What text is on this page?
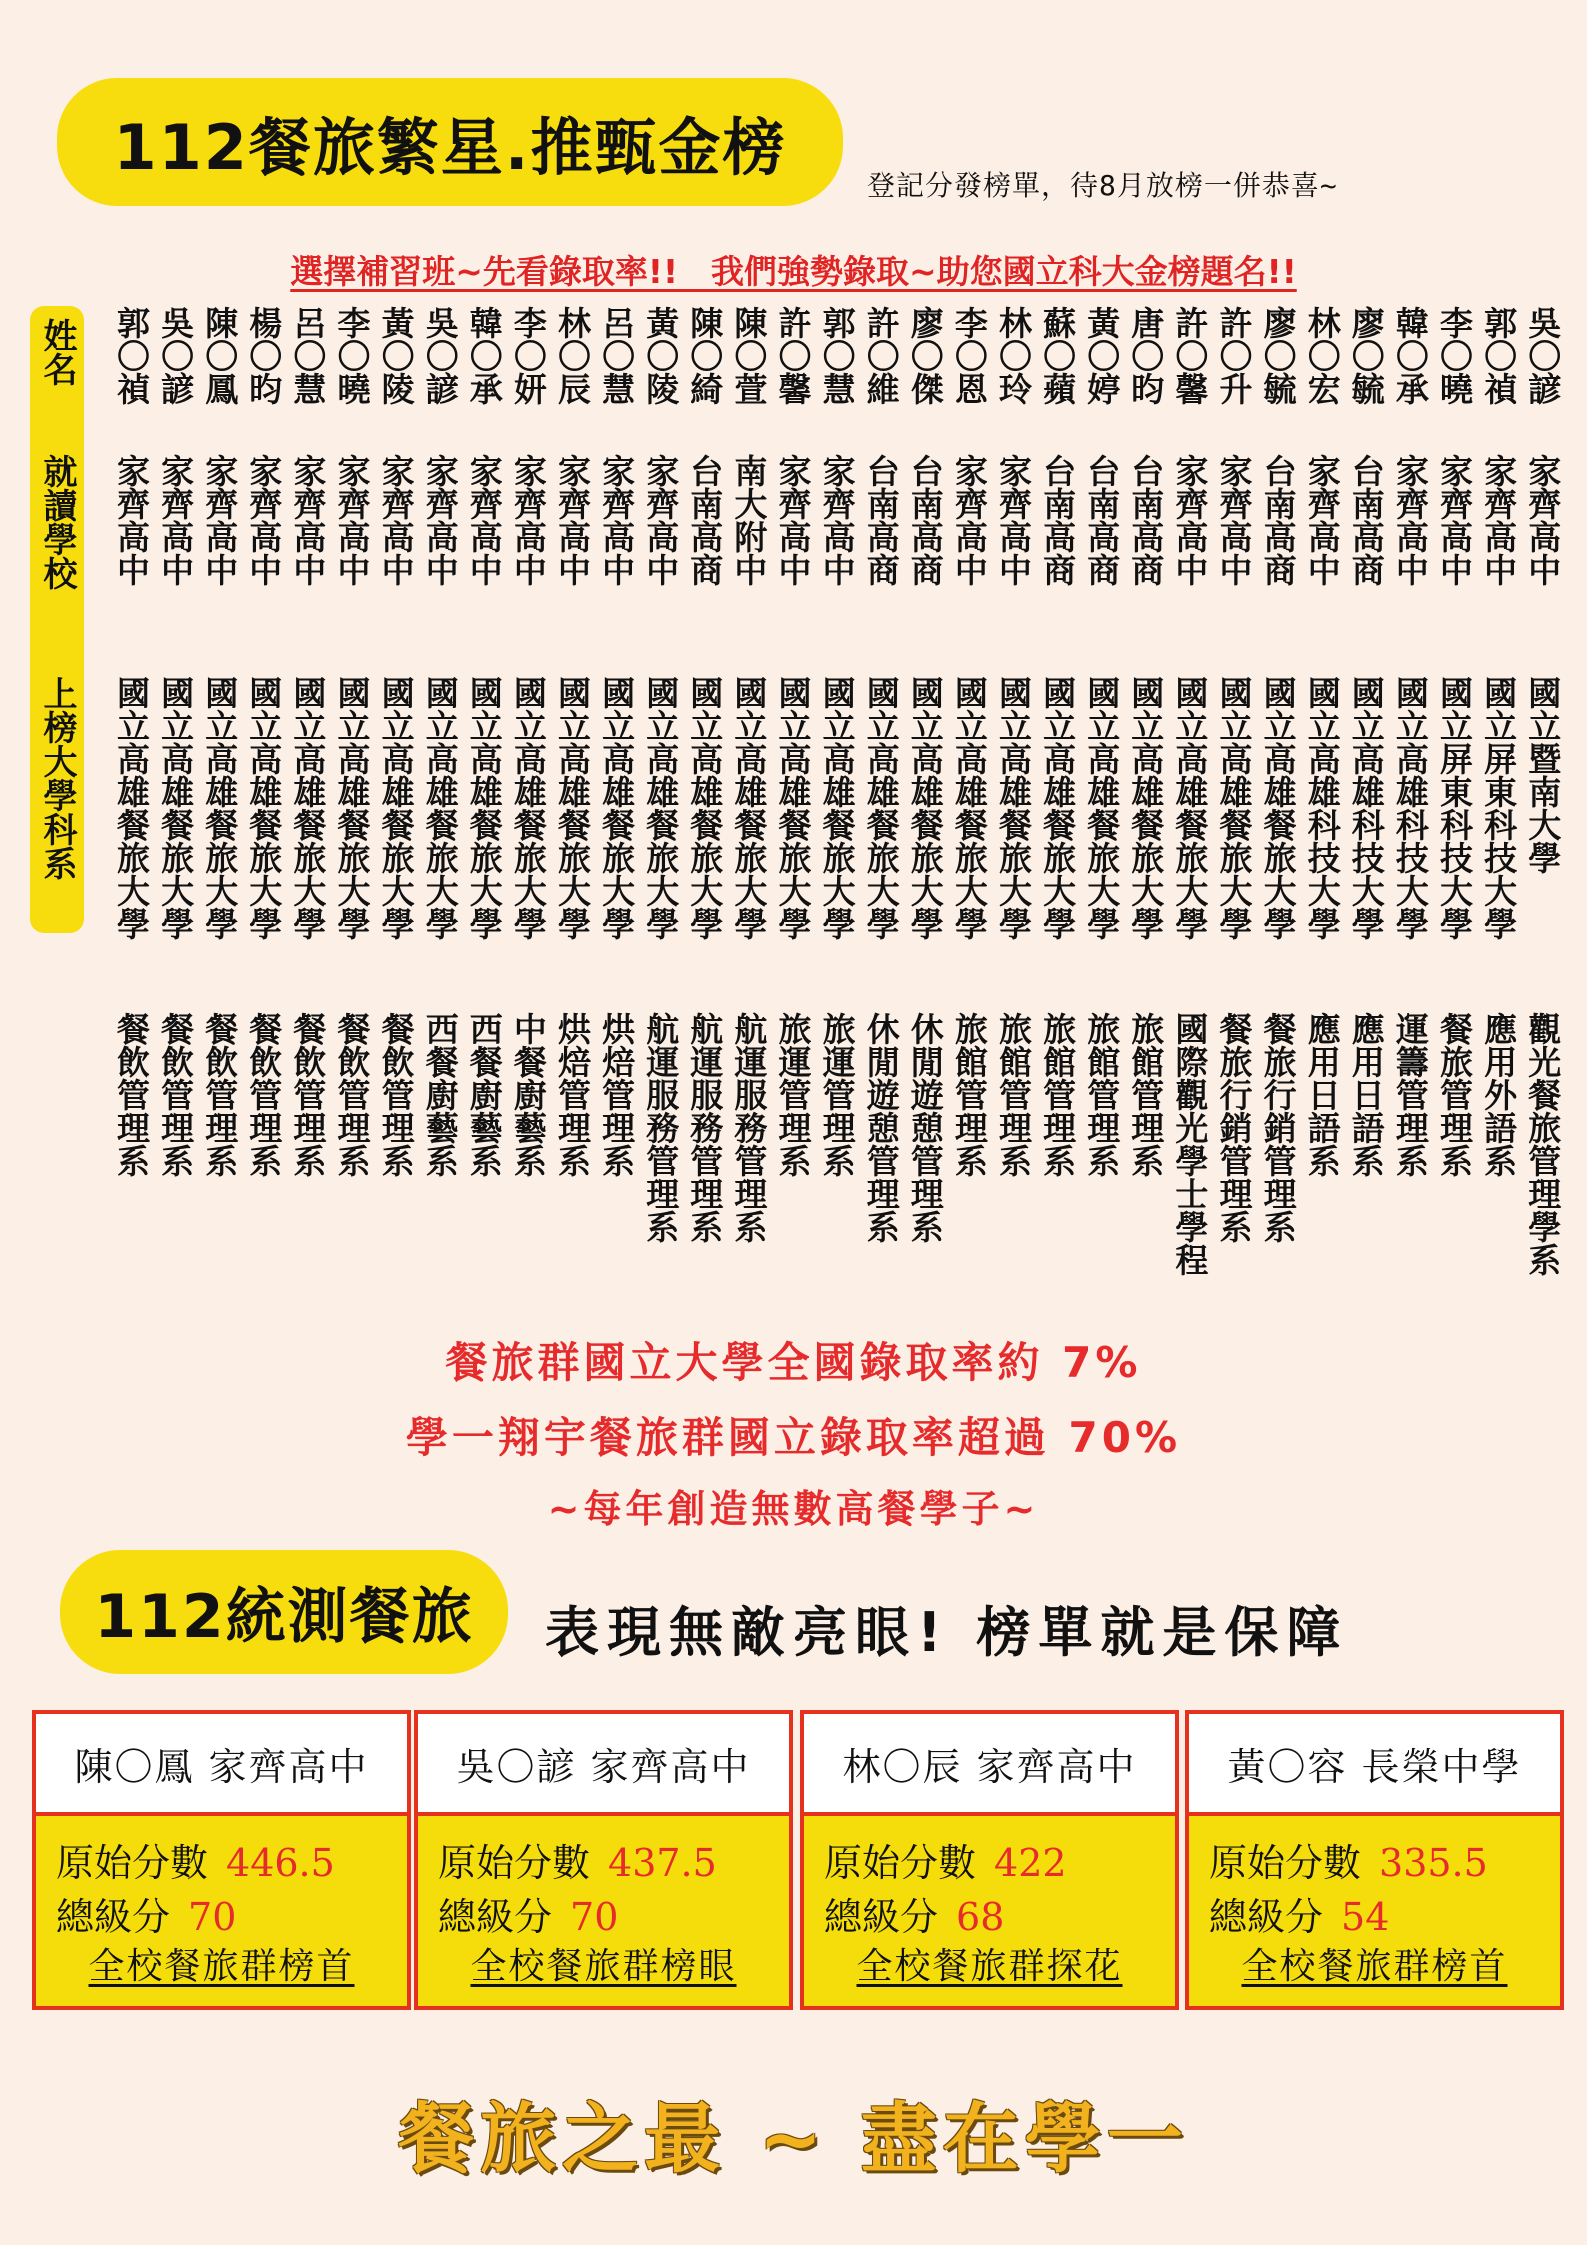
112餐旅繁星.推甄金榜
登記分發榜單，待8月放榜一併恭喜~
選擇補習班~先看錄取率!!　我們強勢錄取~助您國立科大金榜題名!!
姓名
就讀學校
上榜大學科系
郭〇禎
家齊高中
國立高雄餐旅大學
餐飲管理系
吳〇諺
家齊高中
國立高雄餐旅大學
餐飲管理系
陳〇鳳
家齊高中
國立高雄餐旅大學
餐飲管理系
楊〇昀
家齊高中
國立高雄餐旅大學
餐飲管理系
呂〇慧
家齊高中
國立高雄餐旅大學
餐飲管理系
李〇曉
家齊高中
國立高雄餐旅大學
餐飲管理系
黃〇陵
家齊高中
國立高雄餐旅大學
餐飲管理系
吳〇諺
家齊高中
國立高雄餐旅大學
西餐廚藝系
韓〇承
家齊高中
國立高雄餐旅大學
西餐廚藝系
李〇妍
家齊高中
國立高雄餐旅大學
中餐廚藝系
林〇辰
家齊高中
國立高雄餐旅大學
烘焙管理系
呂〇慧
家齊高中
國立高雄餐旅大學
烘焙管理系
黃〇陵
家齊高中
國立高雄餐旅大學
航運服務管理系
陳〇綺
台南高商
國立高雄餐旅大學
航運服務管理系
陳〇萱
南大附中
國立高雄餐旅大學
航運服務管理系
許〇馨
家齊高中
國立高雄餐旅大學
旅運管理系
郭〇慧
家齊高中
國立高雄餐旅大學
旅運管理系
許〇維
台南高商
國立高雄餐旅大學
休閒遊憩管理系
廖〇傑
台南高商
國立高雄餐旅大學
休閒遊憩管理系
李〇恩
家齊高中
國立高雄餐旅大學
旅館管理系
林〇玲
家齊高中
國立高雄餐旅大學
旅館管理系
蘇〇蘋
台南高商
國立高雄餐旅大學
旅館管理系
黃〇婷
台南高商
國立高雄餐旅大學
旅館管理系
唐〇昀
台南高商
國立高雄餐旅大學
旅館管理系
許〇馨
家齊高中
國立高雄餐旅大學
國際觀光學士學程
許〇升
家齊高中
國立高雄餐旅大學
餐旅行銷管理系
廖〇毓
台南高商
國立高雄餐旅大學
餐旅行銷管理系
林〇宏
家齊高中
國立高雄科技大學
應用日語系
廖〇毓
台南高商
國立高雄科技大學
應用日語系
韓〇承
家齊高中
國立高雄科技大學
運籌管理系
李〇曉
家齊高中
國立屏東科技大學
餐旅管理系
郭〇禎
家齊高中
國立屏東科技大學
應用外語系
吳〇諺
家齊高中
國立暨南大學
觀光餐旅管理學系
餐旅群國立大學全國錄取率約 7%
學一翔宇餐旅群國立錄取率超過 70%
~每年創造無數高餐學子~
112統測餐旅	表現無敵亮眼! 榜單就是保障
陳〇鳳 家齊高中
原始分數 446.5
總級分 70
全校餐旅群榜首
吳〇諺 家齊高中
原始分數 437.5
總級分 70
全校餐旅群榜眼
林〇辰 家齊高中
原始分數 422
總級分 68
全校餐旅群探花
黃〇容 長榮中學
原始分數 335.5
總級分 54
全校餐旅群榜首
餐旅之最 ~ 盡在學一
